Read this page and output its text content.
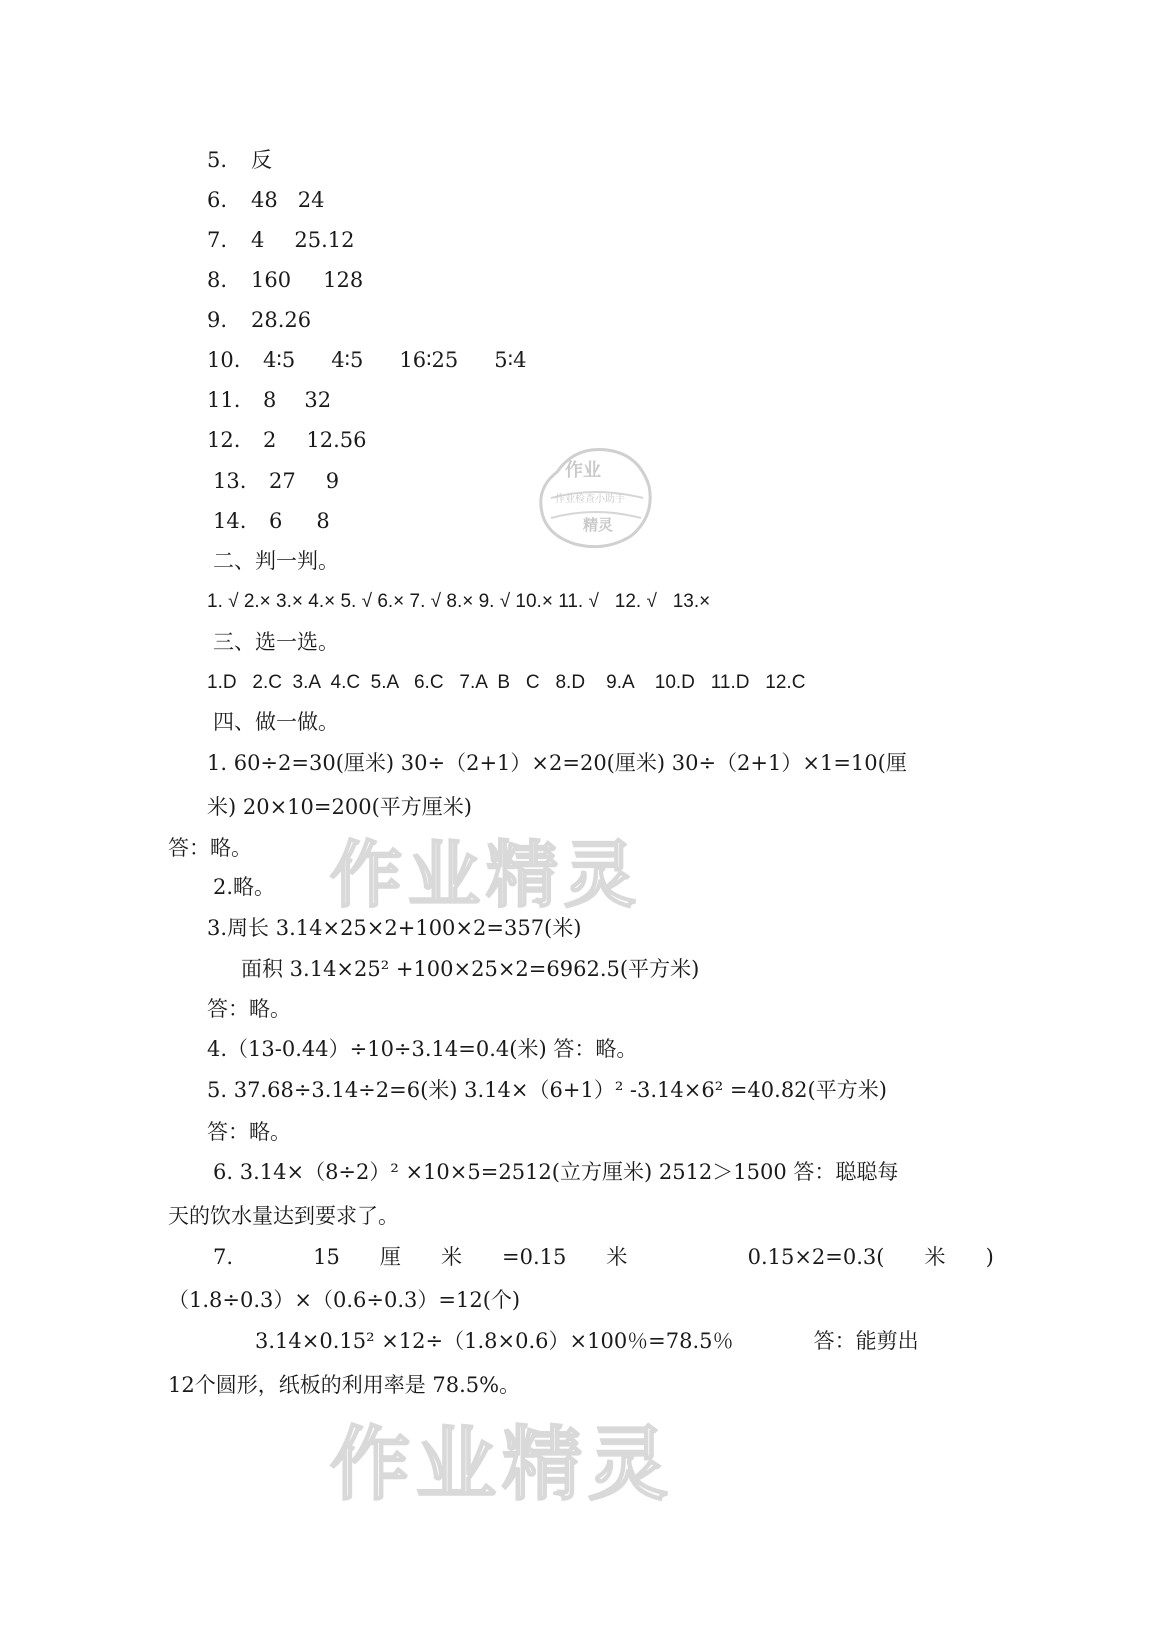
5. 反
6. 48 24
7. 4 25.12
8. 160 128
9. 28.26
10. 4∶5 4∶5 16∶25 5∶4
11. 8 32
12. 2 12.56
13. 27 9
14. 6 8
二、判一判。
1. √ 2.× 3.× 4.× 5. √ 6.× 7. √ 8.× 9. √ 10.× 11. √   12. √   13.×
三、选一选。
1.D   2.C  3.A  4.C  5.A   6.C   7.A  B   C   8.D    9.A    10.D   11.D   12.C
四、做一做。
1. 60÷2=30(厘米) 30÷（2+1）×2=20(厘米) 30÷（2+1）×1=10(厘
米) 20×10=200(平方厘米)
答：略。
2.略。
3.周长 3.14×25×2+100×2=357(米)
面积 3.14×25² +100×25×2=6962.5(平方米)
答：略。
4.（13-0.44）÷10÷3.14=0.4(米) 答：略。
5. 37.68÷3.14÷2=6(米) 3.14×（6+1）² -3.14×6² =40.82(平方米)
答：略。
6. 3.14×（8÷2）² ×10×5=2512(立方厘米) 2512＞1500 答：聪聪每
天的饮水量达到要求了。
7.            15      厘      米      =0.15      米                  0.15×2=0.3(      米      )
（1.8÷0.3）×（0.6÷0.3）=12(个)
3.14×0.15² ×12÷（1.8×0.6）×100％=78.5％            答：能剪出
12个圆形，纸板的利用率是 78.5%。
作业精灵
作业精灵
作业
作业检查小助手
精灵
